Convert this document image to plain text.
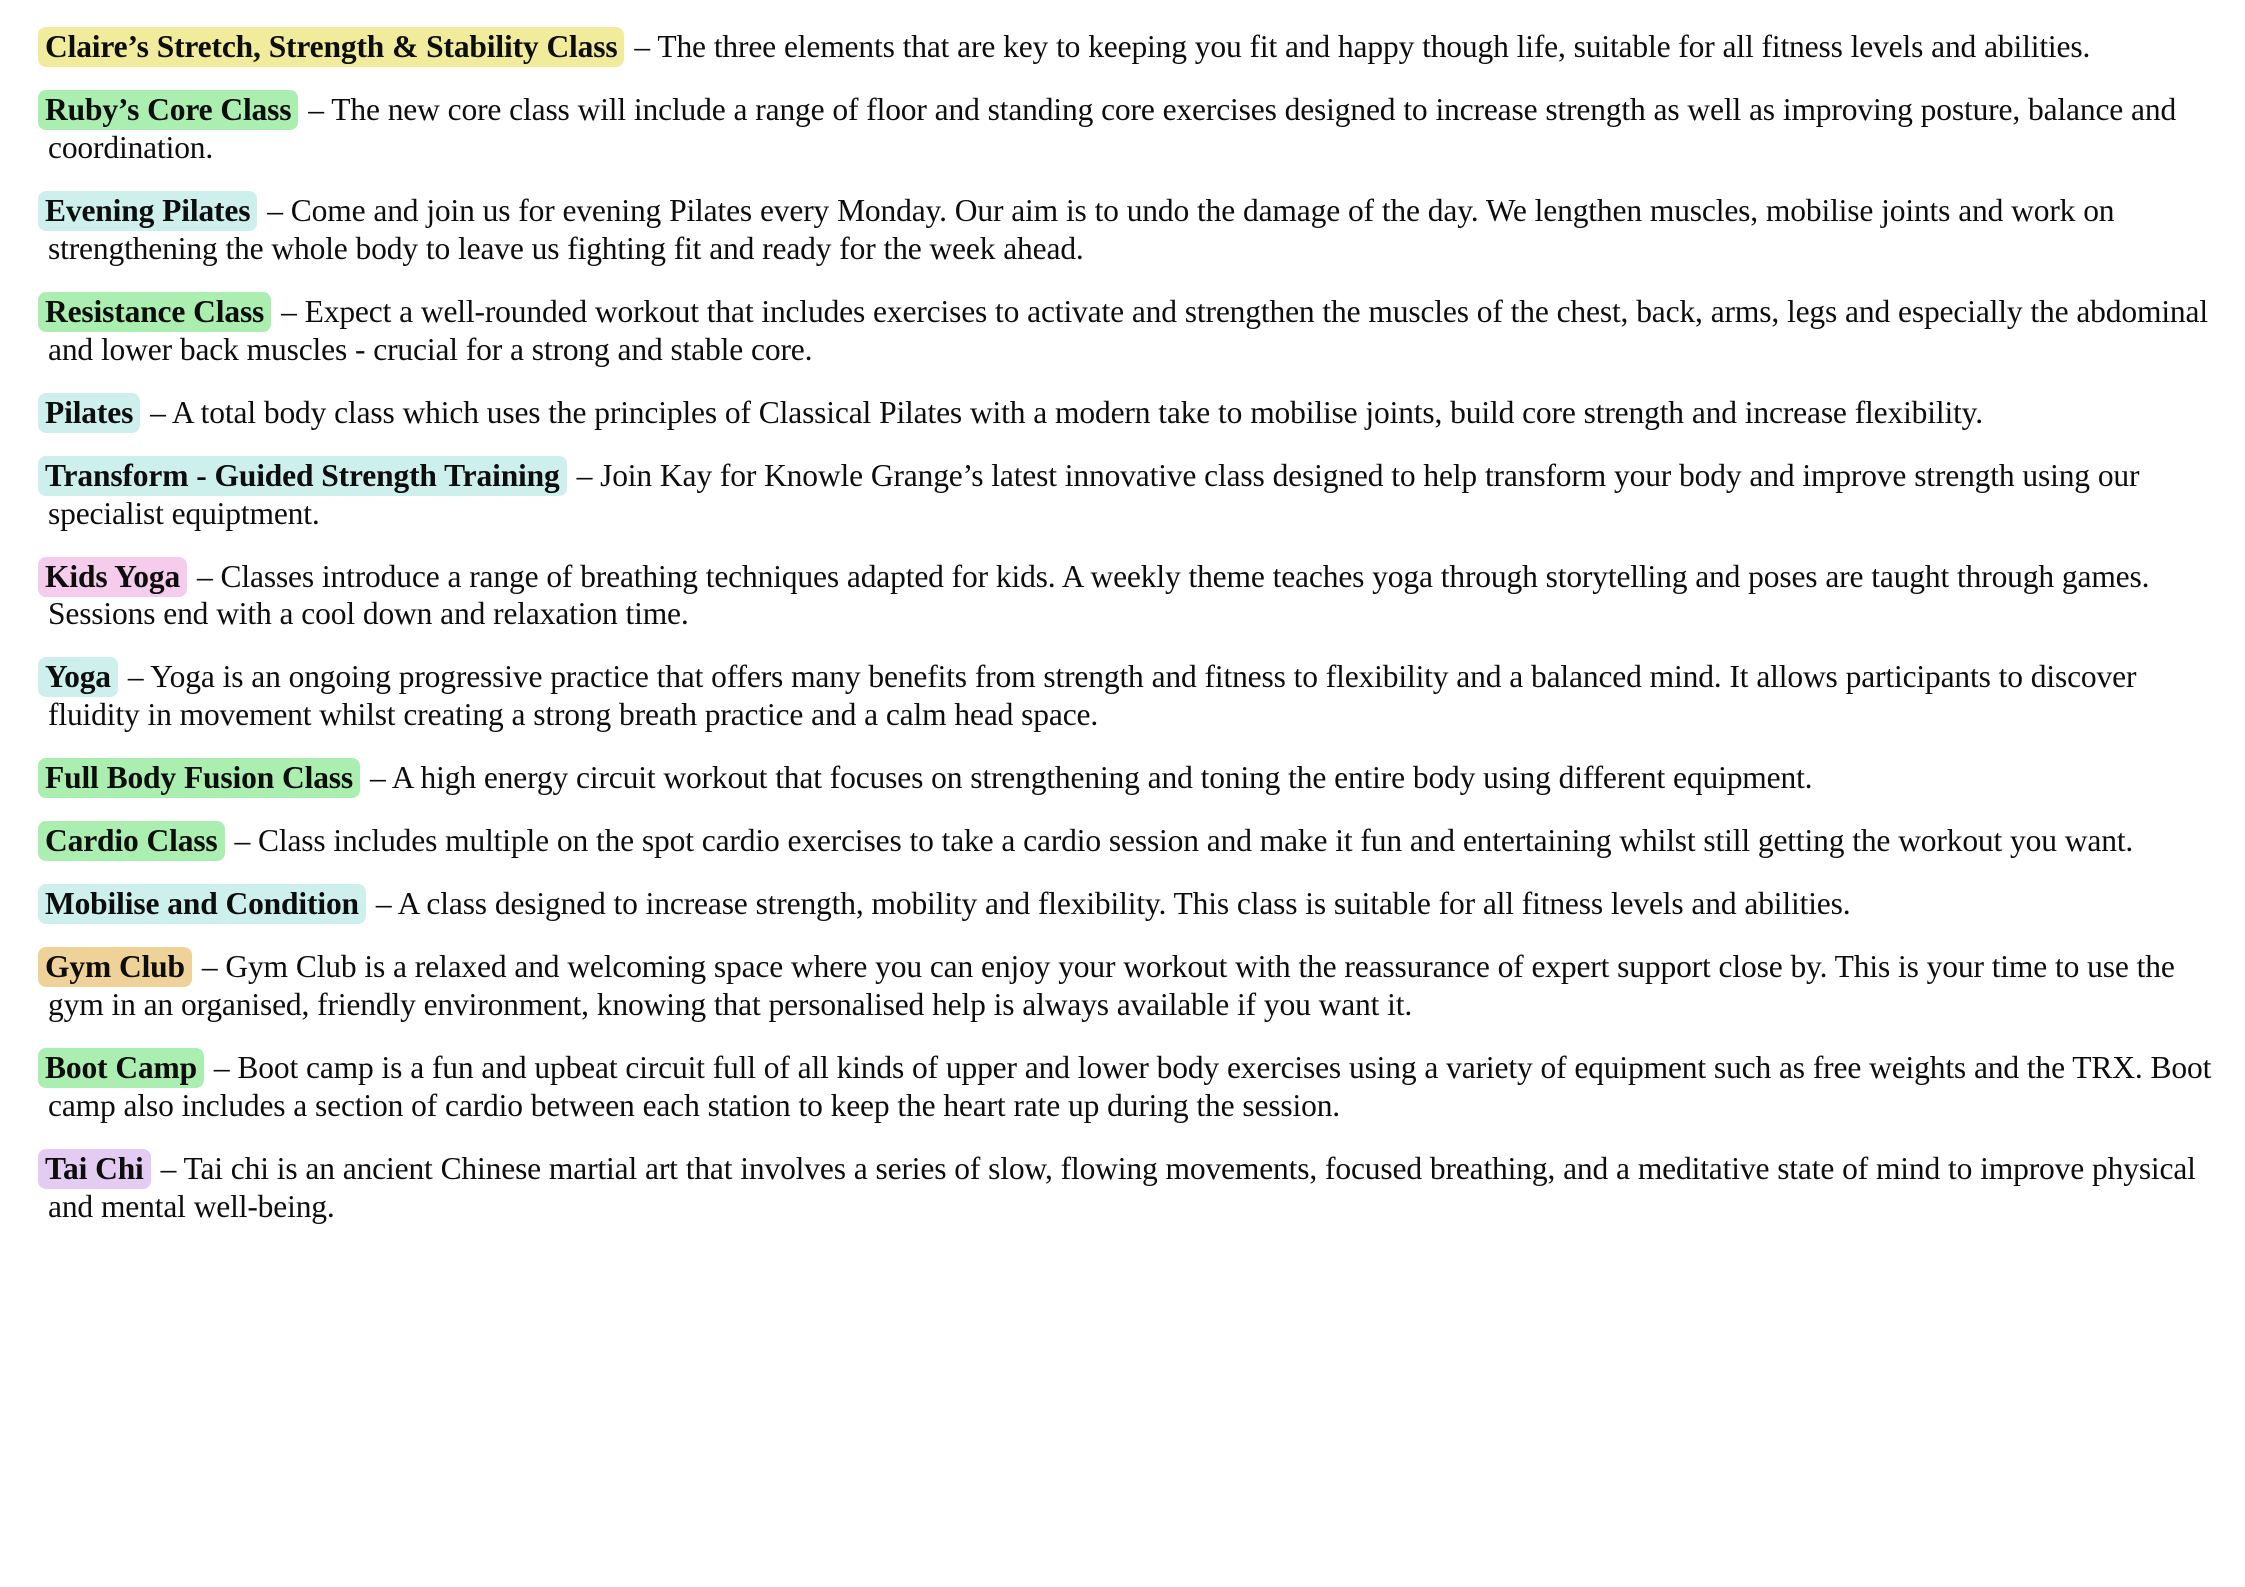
Claire’s Stretch, Strength & Stability Class – The three elements that are key to keeping you fit and happy though life, suitable for all fitness levels and abilities.

Ruby’s Core Class – The new core class will include a range of floor and standing core exercises designed to increase strength as well as improving posture, balance and coordination.

Evening Pilates – Come and join us for evening Pilates every Monday. Our aim is to undo the damage of the day. We lengthen muscles, mobilise joints and work on strengthening the whole body to leave us fighting fit and ready for the week ahead.

Resistance Class – Expect a well-rounded workout that includes exercises to activate and strengthen the muscles of the chest, back, arms, legs and especially the abdominal and lower back muscles - crucial for a strong and stable core.

Pilates – A total body class which uses the principles of Classical Pilates with a modern take to mobilise joints, build core strength and increase flexibility.

Transform - Guided Strength Training – Join Kay for Knowle Grange’s latest innovative class designed to help transform your body and improve strength using our specialist equiptment.

Kids Yoga – Classes introduce a range of breathing techniques adapted for kids. A weekly theme teaches yoga through storytelling and poses are taught through games. Sessions end with a cool down and relaxation time.

Yoga – Yoga is an ongoing progressive practice that offers many benefits from strength and fitness to flexibility and a balanced mind. It allows participants to discover fluidity in movement whilst creating a strong breath practice and a calm head space.

Full Body Fusion Class – A high energy circuit workout that focuses on strengthening and toning the entire body using different equipment.

Cardio Class – Class includes multiple on the spot cardio exercises to take a cardio session and make it fun and entertaining whilst still getting the workout you want.

Mobilise and Condition – A class designed to increase strength, mobility and flexibility. This class is suitable for all fitness levels and abilities.

Gym Club – Gym Club is a relaxed and welcoming space where you can enjoy your workout with the reassurance of expert support close by. This is your time to use the gym in an organised, friendly environment, knowing that personalised help is always available if you want it.

Boot Camp – Boot camp is a fun and upbeat circuit full of all kinds of upper and lower body exercises using a variety of equipment such as free weights and the TRX. Boot camp also includes a section of cardio between each station to keep the heart rate up during the session.

Tai Chi – Tai chi is an ancient Chinese martial art that involves a series of slow, flowing movements, focused breathing, and a meditative state of mind to improve physical and mental well-being.
